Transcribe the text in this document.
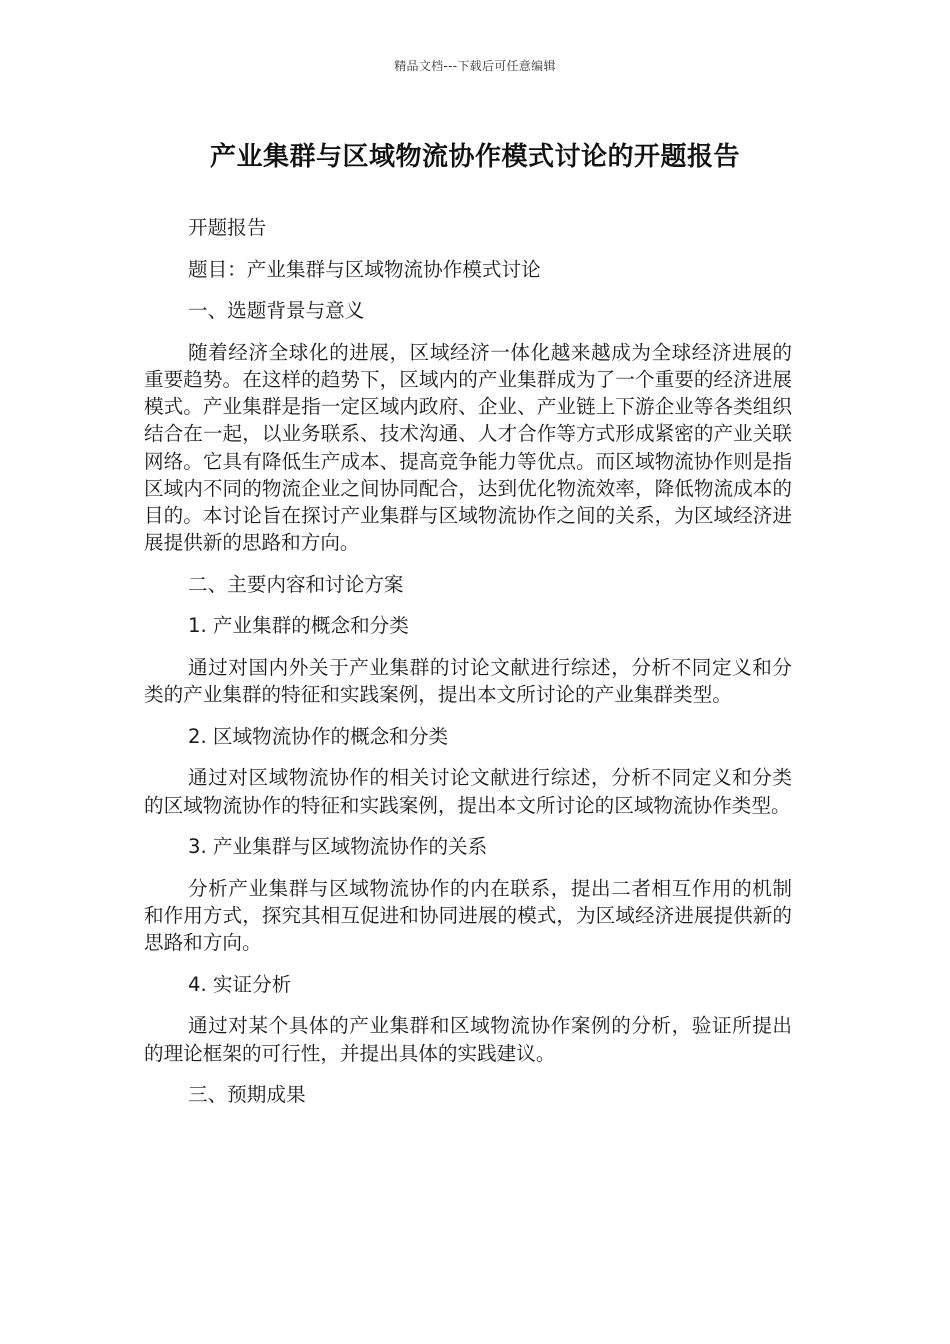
精品文档---下载后可任意编辑
产业集群与区域物流协作模式讨论的开题报告
开题报告
题目：产业集群与区域物流协作模式讨论
一、选题背景与意义
随着经济全球化的进展，区域经济一体化越来越成为全球经济进展的重要趋势。在这样的趋势下，区域内的产业集群成为了一个重要的经济进展模式。产业集群是指一定区域内政府、企业、产业链上下游企业等各类组织结合在一起，以业务联系、技术沟通、人才合作等方式形成紧密的产业关联网络。它具有降低生产成本、提高竞争能力等优点。而区域物流协作则是指区域内不同的物流企业之间协同配合，达到优化物流效率，降低物流成本的目的。本讨论旨在探讨产业集群与区域物流协作之间的关系，为区域经济进展提供新的思路和方向。
二、主要内容和讨论方案
1. 产业集群的概念和分类
通过对国内外关于产业集群的讨论文献进行综述，分析不同定义和分类的产业集群的特征和实践案例，提出本文所讨论的产业集群类型。
2. 区域物流协作的概念和分类
通过对区域物流协作的相关讨论文献进行综述，分析不同定义和分类的区域物流协作的特征和实践案例，提出本文所讨论的区域物流协作类型。
3. 产业集群与区域物流协作的关系
分析产业集群与区域物流协作的内在联系，提出二者相互作用的机制和作用方式，探究其相互促进和协同进展的模式，为区域经济进展提供新的思路和方向。
4. 实证分析
通过对某个具体的产业集群和区域物流协作案例的分析，验证所提出的理论框架的可行性，并提出具体的实践建议。
三、预期成果
